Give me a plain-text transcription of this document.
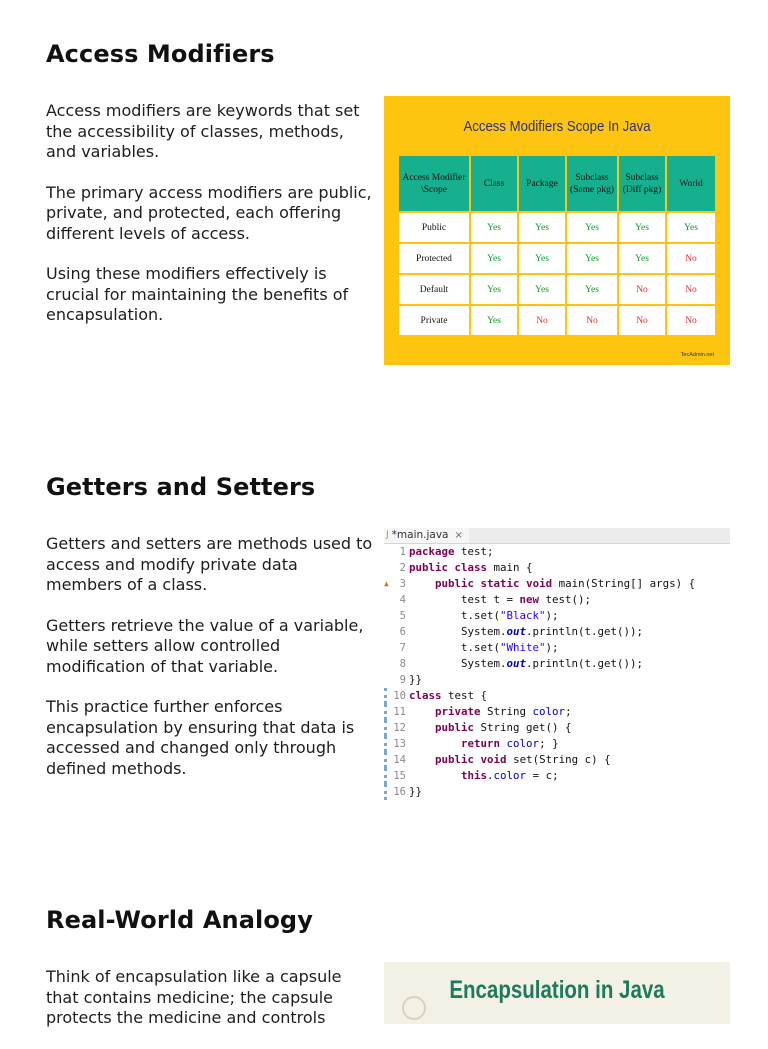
Access Modifiers

Access modifiers are keywords that set the accessibility of classes, methods, and variables.

The primary access modifiers are public, private, and protected, each offering different levels of access.

Using these modifiers effectively is crucial for maintaining the benefits of encapsulation.

Access Modifiers Scope In Java
Access Modifier \Scope	Class	Package	Subclass (Same pkg)	Subclass (Diff pkg)	World
Public	Yes	Yes	Yes	Yes	Yes
Protected	Yes	Yes	Yes	Yes	No
Default	Yes	Yes	Yes	No	No
Private	Yes	No	No	No	No
TecAdmin.net
Getters and Setters

Getters and setters are methods used to access and modify private data members of a class.

Getters retrieve the value of a variable, while setters allow controlled modification of that variable.

This practice further enforces encapsulation by ensuring that data is accessed and changed only through defined methods.

J *main.java ×
1 package test;
2 public class main {
3
▲	public static void main(String[] args) {
4 test t = new test();
5 t.set("Black");
6 System.out.println(t.get());
7 t.set("White");
8 System.out.println(t.get());
9 }}
10 class test {
11	private String color;
12	public String get() {
13	return color; }
14	public void set(String c) {
15	this.color = c;
16 }}
Real-World Analogy

Think of encapsulation like a capsule that contains medicine; the capsule protects the medicine and controls

Encapsulation in Java
